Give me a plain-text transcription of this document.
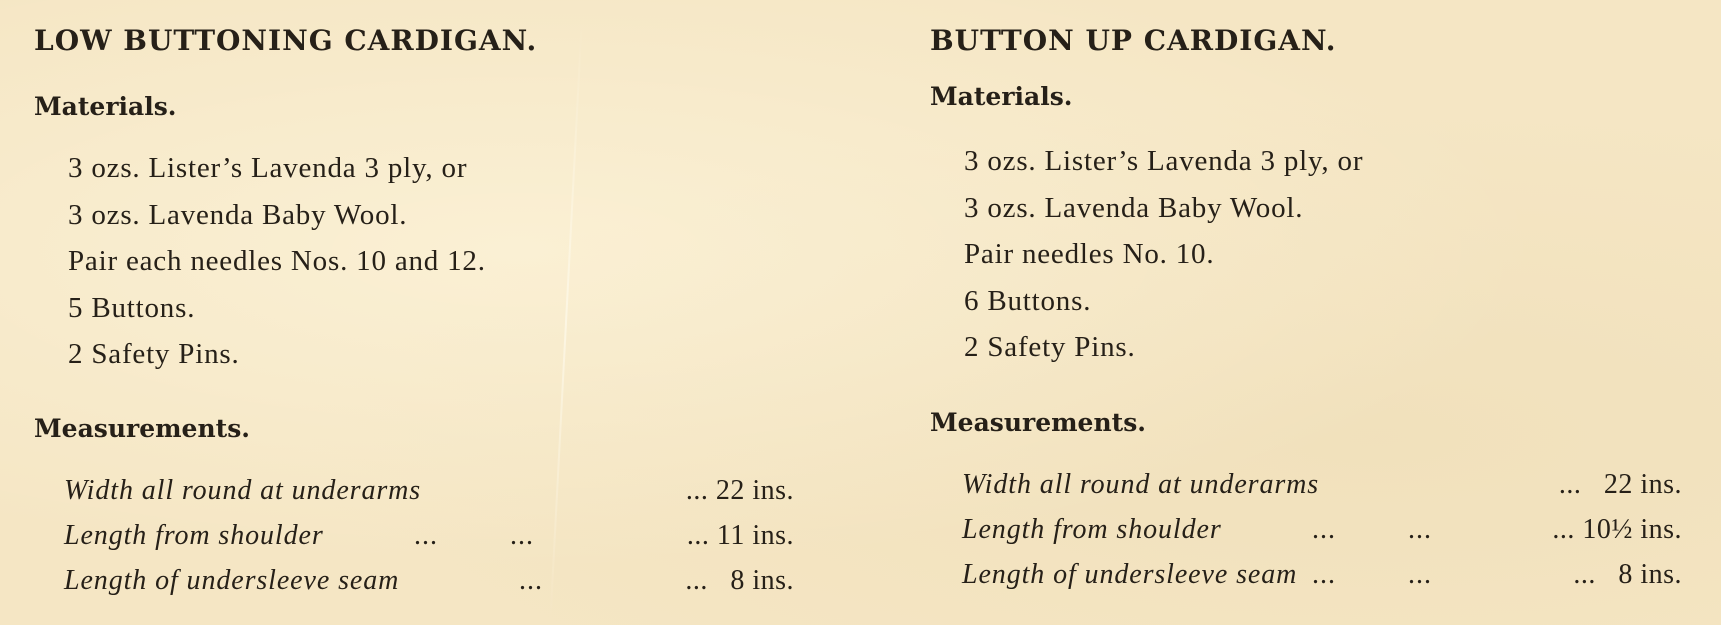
LOW BUTTONING CARDIGAN.
Materials.
3 ozs. Lister’s Lavenda 3 ply, or
3 ozs. Lavenda Baby Wool.
Pair each needles Nos. 10 and 12.
5 Buttons.
2 Safety Pins.
Measurements.
Width all round at underarms	... 22 ins.
Length from shoulder	...         ...	... 11 ins.
Length of undersleeve seam	...	...   8 ins.
BUTTON UP CARDIGAN.
Materials.
3 ozs. Lister’s Lavenda 3 ply, or
3 ozs. Lavenda Baby Wool.
Pair needles No. 10.
6 Buttons.
2 Safety Pins.
Measurements.
Width all round at underarms	...   22 ins.
Length from shoulder	...         ...	... 10½ ins.
Length of undersleeve seam ...         ...	...   8 ins.
